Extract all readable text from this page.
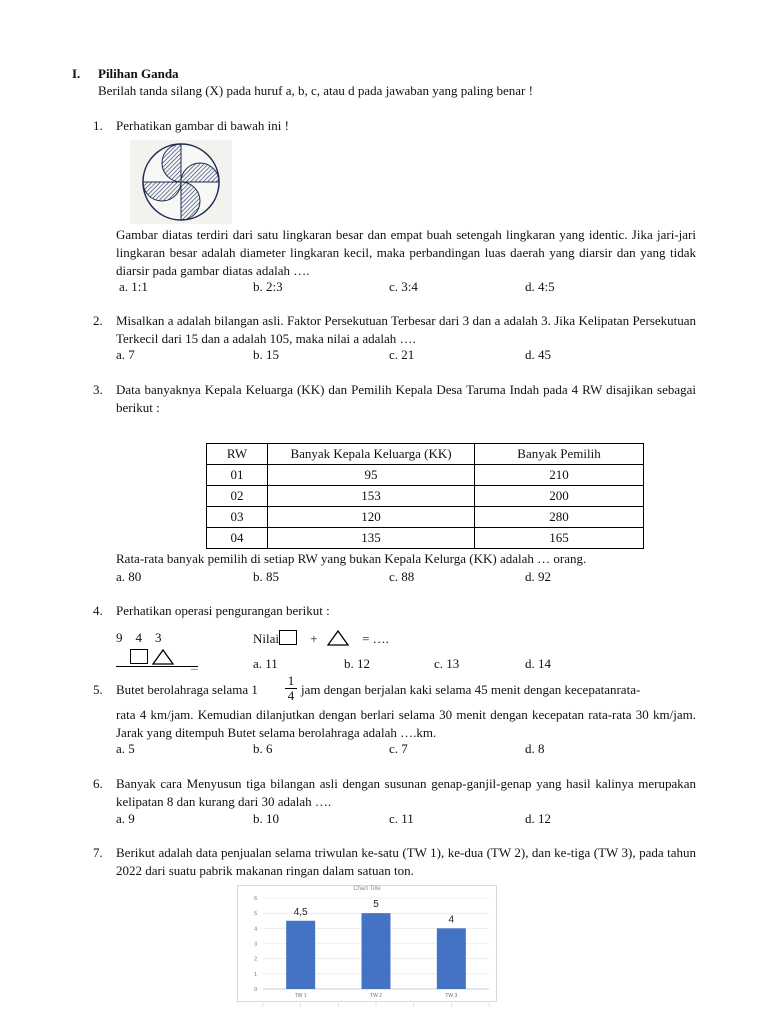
I. Pilihan Ganda
Berilah tanda silang (X) pada huruf a, b, c, atau d pada jawaban yang paling benar !
1. Perhatikan gambar di bawah ini !
Gambar diatas terdiri dari satu lingkaran besar dan empat buah setengah lingkaran yang identic. Jika jari-jari lingkaran besar adalah diameter lingkaran kecil, maka perbandingan luas daerah yang diarsir dan yang tidak diarsir pada gambar diatas adalah ….
a. 1:1	b. 2:3	c. 3:4	d. 4:5
2. Misalkan a adalah bilangan asli. Faktor Persekutuan Terbesar dari 3 dan a adalah 3. Jika Kelipatan Persekutuan Terkecil dari 15 dan a adalah 105, maka nilai a adalah ….
a. 7	b. 15	c. 21	d. 45
3. Data banyaknya Kepala Keluarga (KK) dan Pemilih Kepala Desa Taruma Indah pada 4 RW disajikan sebagai berikut :
RW	Banyak Kepala Keluarga (KK)	Banyak Pemilih
01	95	210
02	153	200
03	120	280
04	135	165
Rata-rata banyak pemilih di setiap RW yang bukan Kepala Kelurga (KK) adalah … orang.
a. 80	b. 85	c. 88	d. 92
4. Perhatikan operasi pengurangan berikut :
9    4    3	Nilai +	= ….
_	a. 11	b. 12	c. 13	d. 14
5. Butet berolahraga selama 1
1
4 jam dengan berjalan kaki selama 45 menit dengan kecepatanrata-
rata 4 km/jam. Kemudian dilanjutkan dengan berlari selama 30 menit dengan kecepatan rata-rata 30 km/jam. Jarak yang ditempuh Butet selama berolahraga adalah ….km.
a. 5	b. 6	c. 7	d. 8
6. Banyak cara Menyusun tiga bilangan asli dengan susunan genap-ganjil-genap yang hasil kalinya merupakan kelipatan 8 dan kurang dari 30 adalah ….
a. 9	b. 10	c. 11	d. 12
7. Berikut adalah data penjualan selama triwulan ke-satu (TW 1), ke-dua (TW 2), dan ke-tiga (TW 3), pada tahun 2022 dari suatu pabrik makanan ringan dalam satuan ton.
Chart Title
0
1
2
3
4
5
6
4,5
TW 1
5
TW 2
4
TW 3
